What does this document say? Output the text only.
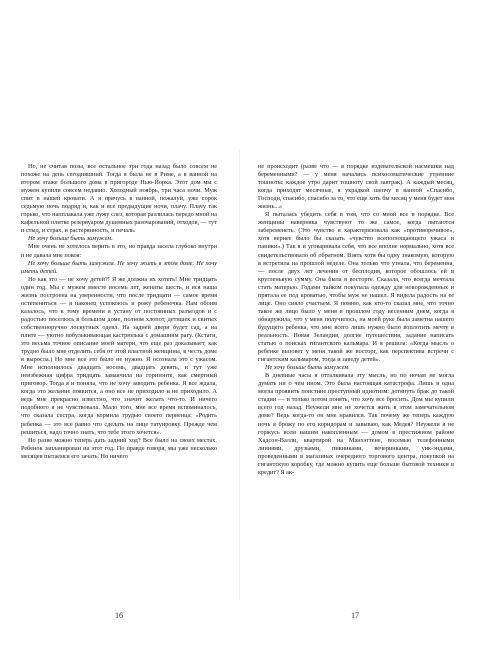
Но, не считая позы, все остальное три года назад было совсем не похоже на день сегодняшний. Тогда я была не в Риме, а в ванной на втором этаже большого дома в пригороде Нью-Йорка. Этот дом мы с мужем купили совсем недавно. Холодный ноябрь, три часа ночи. Муж спит в нашей кровати. А я прячусь в ванной, пожалуй, уже сорок седьмую ночь подряд и, как и все предыдущие ночи, плачу. Плачу так горько, что напплакала уже лужу слез, которая разлилась передо мной на кафельной плитке резервуаром душевных разочарований, отходов, — тут и стыд, и страх, и растерянность, и печаль.

Не хочу больше быть замужем.

Мне очень не хотелось верить в это, но правда засела глубоко внутри и не давала мне покоя:

Не хочу больше быть замужем. Не хочу жить в этом доме. Не хочу иметь детей.

Но как это — не хочу детей?! Я же должна их хотеть! Мне тридцать один год. Мы с мужем вместе восемь лет, женаты шесть, и вся наша жизнь построена на уверенности, что после тридцати — самое время остепениться — я наконец успокоюсь и рожу ребеночка. Нам обоим казалось, что к тому времени я устану от постоянных разъездов и с радостью поселюсь в большом доме, полном хлопот, детишек и свитых собственноручно лоскутных одеял. На задней двери будет сад, а на плите — уютно побулькивающая кастрюлька с домашним рагу. (Кстати, это весьма точное описание моей матери, что еще раз доказывает, как трудно было мне отделить себя от этой властной женщины, в честь доме я выросла.) Но мне все это было не нужно. Я осознала это с ужасом. Мне исполнилось двадцать восемь, двадцать девять, и тут уже неизбежная цифра тридцать замаячила на горизонте, как смертный приговор. Тогда я и поняла, что не хочу заводить ребенка. Я все ждала, когда это желание появится, а оно все не приходило и не приходило. А ведь мне прекрасно известно, что значит желать что-то. И ничего подобного я не чувствовала. Мало того, мне все время вспоминалось, что сказала сестра, когда кормила грудью своего первенца: «Родить ребенка — это все равно что сделать на лице татуировку. Прежде чем решиться, надо точно знать, что тебе этого хочется».

Но разве можно теперь дать задний ход? Все было на своих местах. Ребенок запланирован на этот год. По правде говоря, мы уже несколько месяцев пытаемся его зачать. Но ничего

не происходит (разве что — в порядке издевательской насмешки над беременными? — у меня начались психосоматические утренние тошноты: каждое утро дарит тошноту свой завтрак). А каждый месяц, когда приходят месячные, я украдкой шепчу в ванной «Спасибо, Господи, спасибо, спасибо за то, что еще хоть бы месяц у меня будет моя жизнь...»

Я пыталась убедить себя в том, что со мной все в порядке. Все женщины наверняка чувствуют то же самое, когда пытаются забеременеть. (Это чувство я характеризовала как «противоречивое», хотя вернее было бы сказать «чувство всепоглощающего ужаса и паники».) Так я и уговаривала себя, что все вполне нормально, хотя все свидетельствовало об обратном. Взять хотя бы одну знакомую, которую я встретила на прошлой неделе. Она только что узнала, что беременна, — после двух лет лечения от бесплодия, которое обошлось ей в кругленькую сумму. Она была в восторге. Сказала, что всегда мечтала стать матерью. Годами тайком покупала одежду для новорожденных и прятала ее под кроватью, чтобы муж не нашел. Я видела радость на ее лице. Оно сияло счастьем. Я помню, как кто-то сказал мне, что точно такое же лицо было у меня в прошлом году весенним днем, когда я обнаружила, что у меня получилось, на моей руке была заметна нашего будущего ребенка, что мне всего лишь нужно было воплотить мечту в реальность. Новая Зеландия, долгие путешествия, задание написать статью о поисках гигантского кальмара. И я решила: «Когда мысль о ребенке вызовет у меня такой же восторг, как перспектива встречи с гигантским кальмаром, тогда и заведу детей».

Не хочу больше быть замужем.

В дневные часы я отталкивала эту мысль, но по ночам не могла думать ни о чем ином. Это была настоящая катастрофа. Лишь я одна могла проявить поистине преступный идиотизм: дотянуть брак до такой стадии — и только потом понять, что хочу все бросить. Дом мы купили всего год назад. Неужели мне не хочется жить в этом замечательном доме? Ведь когда-то он мне нравился. Так почему же теперь каждую ночь я брожу по его коридорам и завываю, как Медея? Неужели я не горжусь всем нашим накопленным — домом в престижном районе Хадсон-Валли, квартирой на Манхэттене, восемью телефонными линиями, друзьями, пикниками, вечеринками, уик-эндами, проведенными в магазинах очередного торгового центра, покупкой на гигантскую коробку, где можно купить еще больше бытовой техники в кредит? Я ак-

16	17
